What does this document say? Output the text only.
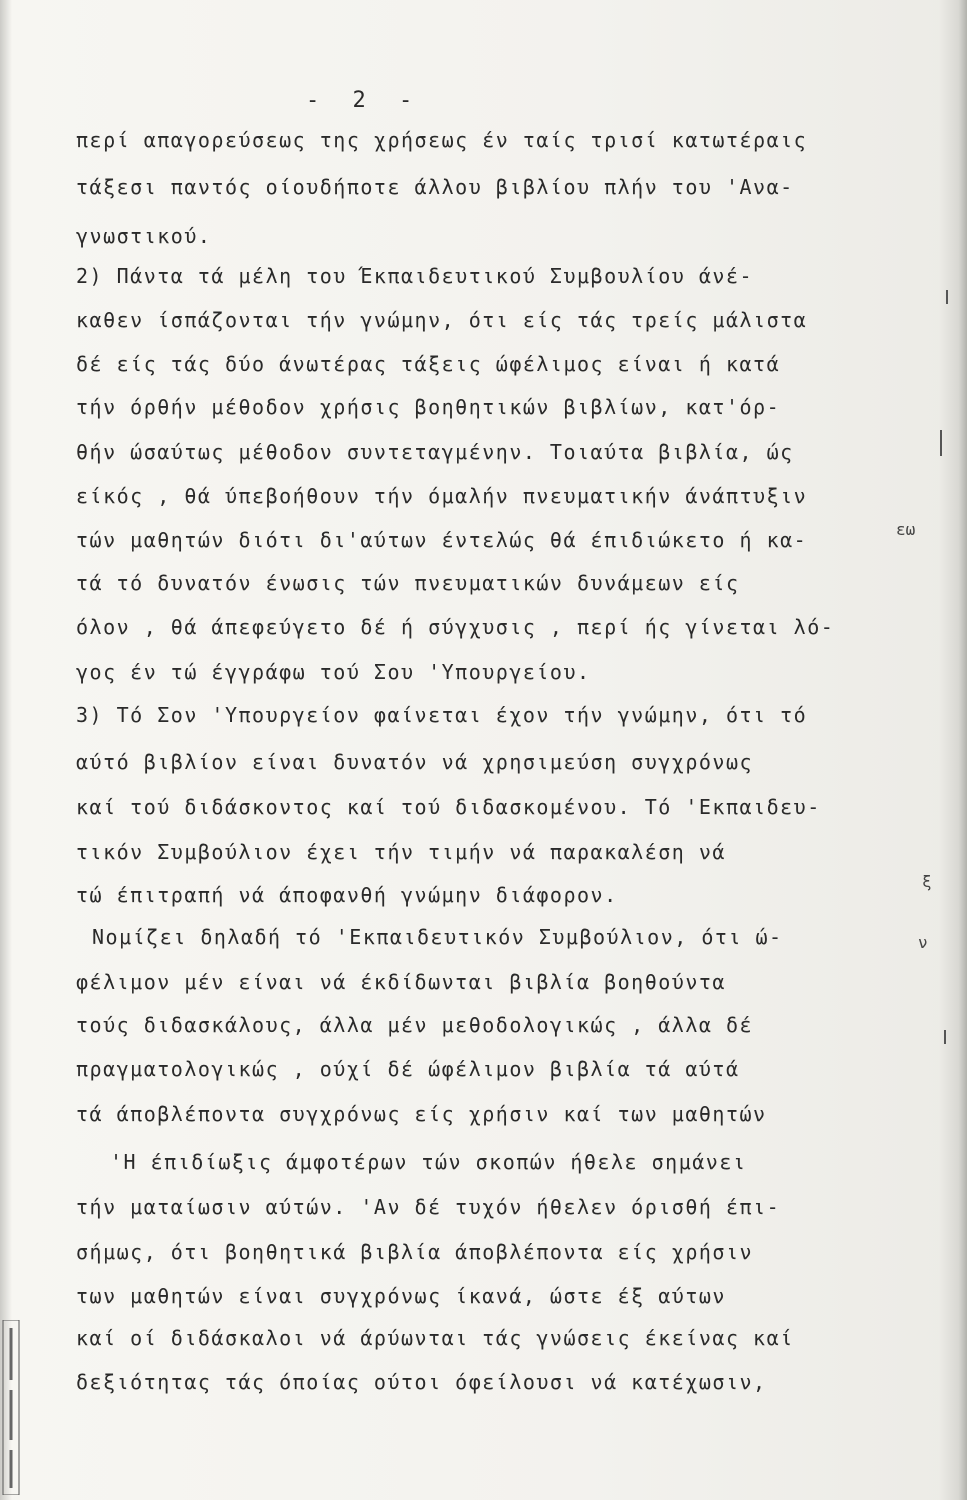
- 2 -
περί απαγορεύσεως της χρήσεως έν ταίς τρισί κατωτέραις
τάξεσι παντός οίουδήποτε άλλου βιβλίου πλήν του 'Ανα-
γνωστικού.
2) Πάντα τά μέλη του Έκπαιδευτικού Συμβουλίου άνέ-
καθεν ίσπάζονται τήν γνώμην, ότι είς τάς τρείς μάλιστα
δέ είς τάς δύο άνωτέρας τάξεις ώφέλιμος είναι ή κατά
τήν όρθήν μέθοδον χρήσις βοηθητικών βιβλίων, κατ'όρ-
θήν ώσαύτως μέθοδον συντεταγμένην. Τοιαύτα βιβλία, ώς
είκός , θά ύπεβοήθουν τήν όμαλήν πνευματικήν άνάπτυξιν
τών μαθητών διότι δι'αύτων έντελώς θά έπιδιώκετο ή κα-
τά τό δυνατόν ένωσις τών πνευματικών δυνάμεων είς
όλον , θά άπεφεύγετο δέ ή σύγχυσις , περί ής γίνεται λό-
γος έν τώ έγγράφω τού Σου 'Υπουργείου.
3) Τό Σον 'Υπουργείον φαίνεται έχον τήν γνώμην, ότι τό
αύτό βιβλίον είναι δυνατόν νά χρησιμεύση συγχρόνως
καί τού διδάσκοντος καί τού διδασκομένου. Τό 'Εκπαιδευ-
τικόν Συμβούλιον έχει τήν τιμήν νά παρακαλέση νά
τώ έπιτραπή νά άποφανθή γνώμην διάφορον.
Νομίζει δηλαδή τό 'Εκπαιδευτικόν Συμβούλιον, ότι ώ-
φέλιμον μέν είναι νά έκδίδωνται βιβλία βοηθούντα
τούς διδασκάλους, άλλα μέν μεθοδολογικώς , άλλα δέ
πραγματολογικώς , ούχί δέ ώφέλιμον βιβλία τά αύτά
τά άποβλέποντα συγχρόνως είς χρήσιν καί των μαθητών
'Η έπιδίωξις άμφοτέρων τών σκοπών ήθελε σημάνει
τήν ματαίωσιν αύτών. 'Αν δέ τυχόν ήθελεν όρισθή έπι-
σήμως, ότι βοηθητικά βιβλία άποβλέποντα είς χρήσιν
των μαθητών είναι συγχρόνως ίκανά, ώστε έξ αύτων
καί οί διδάσκαλοι νά άρύωνται τάς γνώσεις έκείνας καί
δεξιότητας τάς όποίας ούτοι όφείλουσι νά κατέχωσιν,
εω
ξ
ν
